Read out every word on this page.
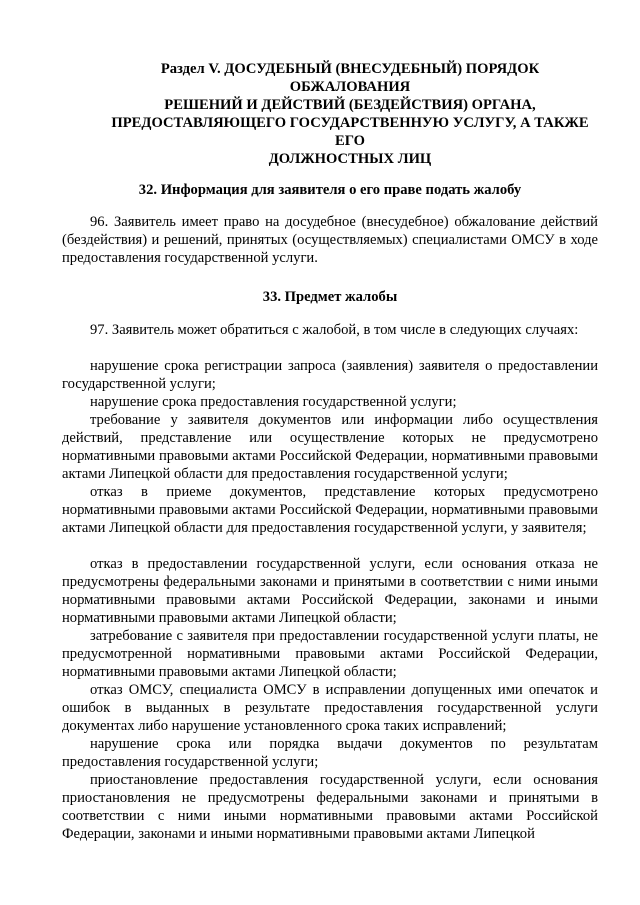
Раздел V. ДОСУДЕБНЫЙ (ВНЕСУДЕБНЫЙ) ПОРЯДОК
ОБЖАЛОВАНИЯ
РЕШЕНИЙ И ДЕЙСТВИЙ (БЕЗДЕЙСТВИЯ) ОРГАНА,
ПРЕДОСТАВЛЯЮЩЕГО ГОСУДАРСТВЕННУЮ УСЛУГУ, А ТАКЖЕ
ЕГО
ДОЛЖНОСТНЫХ ЛИЦ
32. Информация для заявителя о его праве подать жалобу
96. Заявитель имеет право на досудебное (внесудебное) обжалование действий (бездействия) и решений, принятых (осуществляемых) специалистами ОМСУ в ходе предоставления государственной услуги.
33. Предмет жалобы
97. Заявитель может обратиться с жалобой, в том числе в следующих случаях:
нарушение срока регистрации запроса (заявления) заявителя о предоставлении государственной услуги;
нарушение срока предоставления государственной услуги;
требование у заявителя документов или информации либо осуществления действий, представление или осуществление которых не предусмотрено нормативными правовыми актами Российской Федерации, нормативными правовыми актами Липецкой области для предоставления государственной услуги;
отказ в приеме документов, представление которых предусмотрено нормативными правовыми актами Российской Федерации, нормативными правовыми актами Липецкой области для предоставления государственной услуги, у заявителя;
отказ в предоставлении государственной услуги, если основания отказа не предусмотрены федеральными законами и принятыми в соответствии с ними иными нормативными правовыми актами Российской Федерации, законами и иными нормативными правовыми актами Липецкой области;
затребование с заявителя при предоставлении государственной услуги платы, не предусмотренной нормативными правовыми актами Российской Федерации, нормативными правовыми актами Липецкой области;
отказ ОМСУ, специалиста ОМСУ в исправлении допущенных ими опечаток и ошибок в выданных в результате предоставления государственной услуги документах либо нарушение установленного срока таких исправлений;
нарушение срока или порядка выдачи документов по результатам предоставления государственной услуги;
приостановление предоставления государственной услуги, если основания приостановления не предусмотрены федеральными законами и принятыми в соответствии с ними иными нормативными правовыми актами Российской Федерации, законами и иными нормативными правовыми актами Липецкой
